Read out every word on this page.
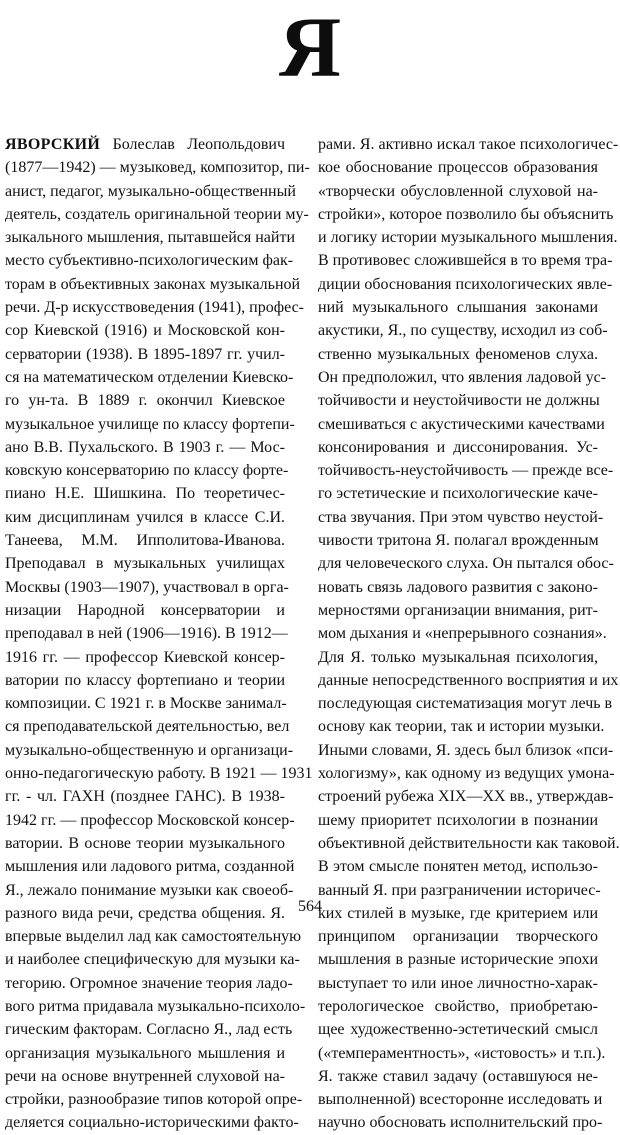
Я
ЯВОРСКИЙ Болеслав Леопольдович
(1877—1942) — музыковед, композитор, пи-
анист, педагог, музыкально-общественный
деятель, создатель оригинальной теории му-
зыкального мышления, пытавшейся найти
место субъективно-психологическим фак-
торам в объективных законах музыкальной
речи. Д-р искусствоведения (1941), профес-
сор Киевской (1916) и Московской кон-
серватории (1938). В 1895-1897 гг. учил-
ся на математическом отделении Киевско-
го ун-та. В 1889 г. окончил Киевское
музыкальное училище по классу фортепи-
ано В.В. Пухальского. В 1903 г. — Мос-
ковскую консерваторию по классу форте-
пиано Н.Е. Шишкина. По теоретичес-
ким дисциплинам учился в классе С.И.
Танеева, М.М. Ипполитова-Иванова.
Преподавал в музыкальных училищах
Москвы (1903—1907), участвовал в орга-
низации Народной консерватории и
преподавал в ней (1906—1916). В 1912—
1916 гг. — профессор Киевской консер-
ватории по классу фортепиано и теории
композиции. С 1921 г. в Москве занимал-
ся преподавательской деятельностью, вел
музыкально-общественную и организаци-
онно-педагогическую работу. В 1921 — 1931
гг. - чл. ГАХН (позднее ГАНС). В 1938-
1942 гг. — профессор Московской консер-
ватории. В основе теории музыкального
мышления или ладового ритма, созданной
Я., лежало понимание музыки как своеоб-
разного вида речи, средства общения. Я.
впервые выделил лад как самостоятельную
и наиболее специфическую для музыки ка-
тегорию. Огромное значение теория ладо-
вого ритма придавала музыкально-психоло-
гическим факторам. Согласно Я., лад есть
организация музыкального мышления и
речи на основе внутренней слуховой на-
стройки, разнообразие типов которой опре-
деляется социально-историческими факто-
рами. Я. активно искал такое психологичес-
кое обоснование процессов образования
«творчески обусловленной слуховой на-
стройки», которое позволило бы объяснить
и логику истории музыкального мышления.
В противовес сложившейся в то время тра-
диции обоснования психологических явле-
ний музыкального слышания законами
акустики, Я., по существу, исходил из соб-
ственно музыкальных феноменов слуха.
Он предположил, что явления ладовой ус-
тойчивости и неустойчивости не должны
смешиваться с акустическими качествами
консонирования и диссонирования. Ус-
тойчивость-неустойчивость — прежде все-
го эстетические и психологические каче-
ства звучания. При этом чувство неустой-
чивости тритона Я. полагал врожденным
для человеческого слуха. Он пытался обос-
новать связь ладового развития с законо-
мерностями организации внимания, рит-
мом дыхания и «непрерывного сознания».
Для Я. только музыкальная психология,
данные непосредственного восприятия и их
последующая систематизация могут лечь в
основу как теории, так и истории музыки.
Иными словами, Я. здесь был близок «пси-
хологизму», как одному из ведущих умона-
строений рубежа XIX—XX вв., утверждав-
шему приоритет психологии в познании
объективной действительности как таковой.
В этом смысле понятен метод, использо-
ванный Я. при разграничении историчес-
ких стилей в музыке, где критерием или
принципом организации творческого
мышления в разные исторические эпохи
выступает то или иное личностно-харак-
терологическое свойство, приобретаю-
щее художественно-эстетический смысл
(«темпераментность», «истовость» и т.п.).
Я. также ставил задачу (оставшуюся не-
выполненной) всесторонне исследовать и
научно обосновать исполнительский про-
564
